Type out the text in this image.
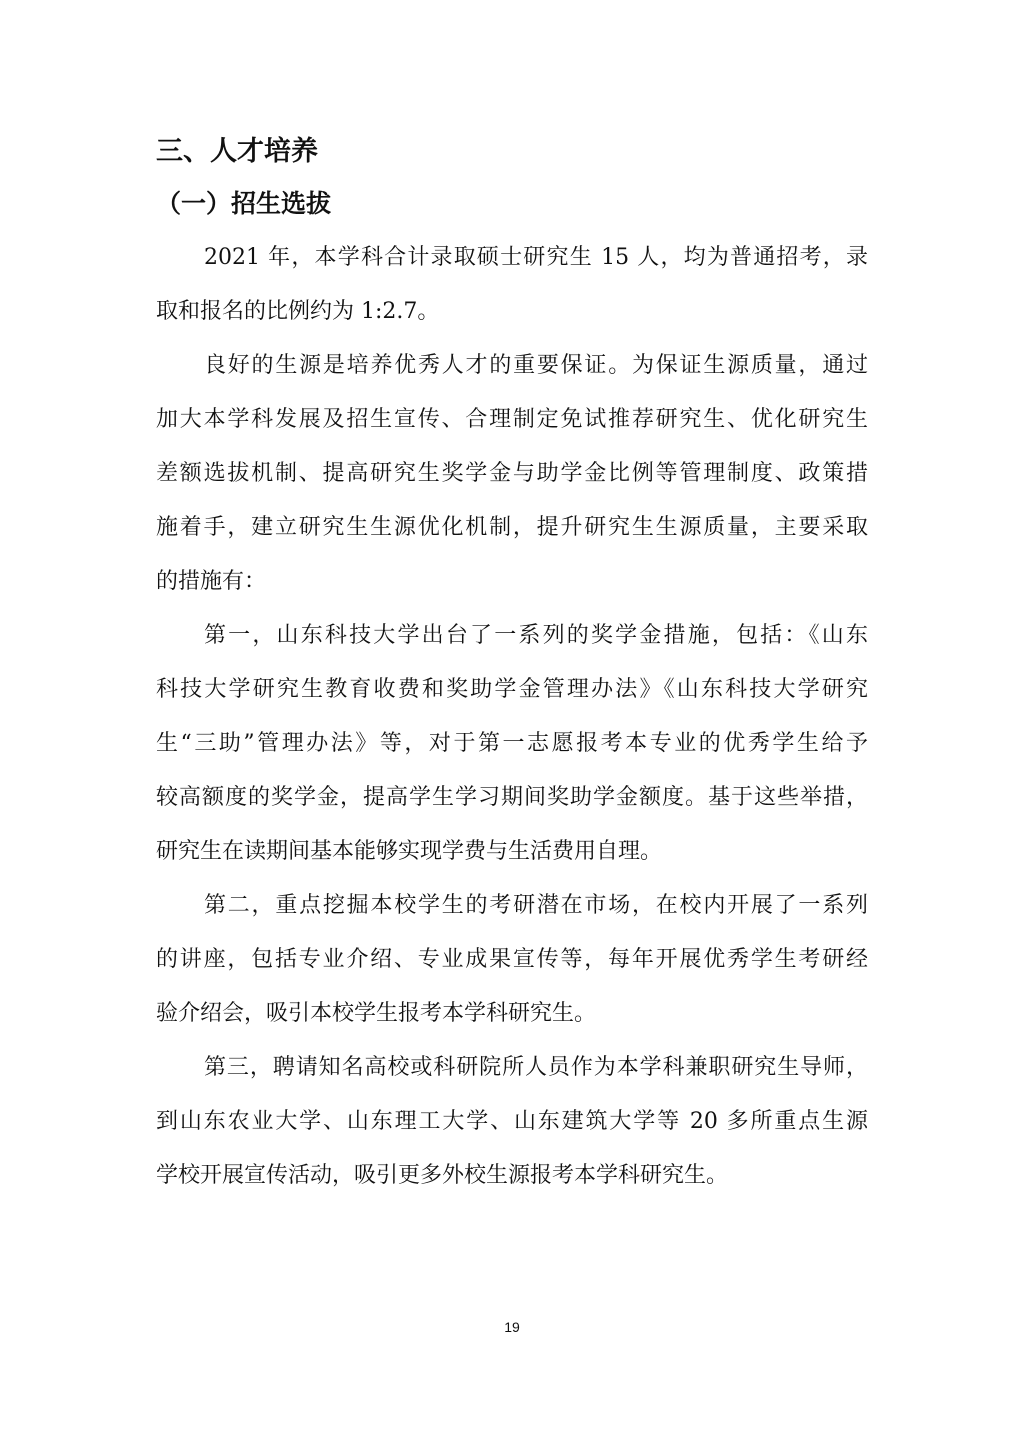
三、人才培养
（一）招生选拔
2021 年，本学科合计录取硕士研究生 15 人，均为普通招考，录
取和报名的比例约为 1:2.7。
良好的生源是培养优秀人才的重要保证。为保证生源质量，通过
加大本学科发展及招生宣传、合理制定免试推荐研究生、优化研究生
差额选拔机制、提高研究生奖学金与助学金比例等管理制度、政策措
施着手，建立研究生生源优化机制，提升研究生生源质量，主要采取
的措施有：
第一，山东科技大学出台了一系列的奖学金措施，包括：《山东
科技大学研究生教育收费和奖助学金管理办法》《山东科技大学研究
生“三助”管理办法》等，对于第一志愿报考本专业的优秀学生给予
较高额度的奖学金，提高学生学习期间奖助学金额度。基于这些举措，
研究生在读期间基本能够实现学费与生活费用自理。
第二，重点挖掘本校学生的考研潜在市场，在校内开展了一系列
的讲座，包括专业介绍、专业成果宣传等，每年开展优秀学生考研经
验介绍会，吸引本校学生报考本学科研究生。
第三，聘请知名高校或科研院所人员作为本学科兼职研究生导师，
到山东农业大学、山东理工大学、山东建筑大学等 20 多所重点生源
学校开展宣传活动，吸引更多外校生源报考本学科研究生。
19
